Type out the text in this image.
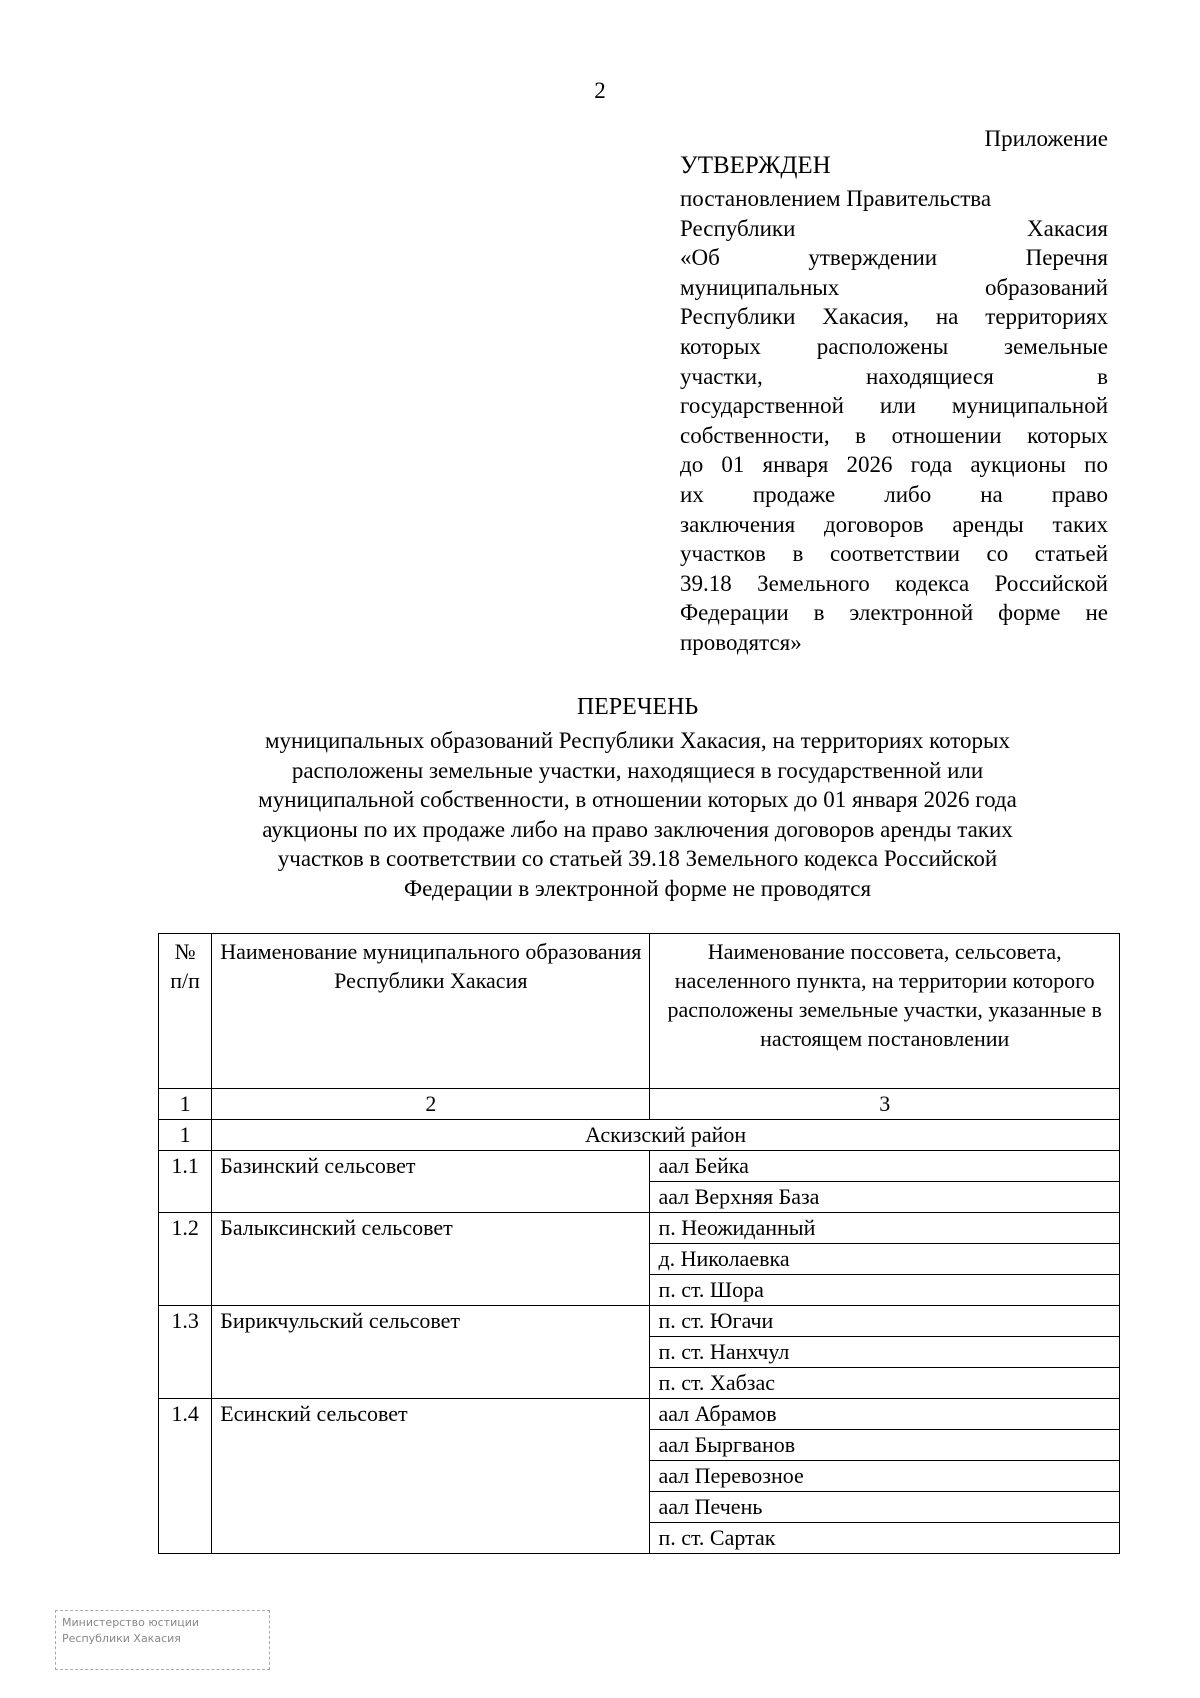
2
Приложение
УТВЕРЖДЕН
постановлением Правительства
Республики Хакасия
«Об утверждении Перечня
муниципальных образований
Республики Хакасия, на территориях
которых расположены земельные
участки, находящиеся в
государственной или муниципальной
собственности, в отношении которых
до 01 января 2026 года аукционы по
их продаже либо на право
заключения договоров аренды таких
участков в соответствии со статьей
39.18 Земельного кодекса Российской
Федерации в электронной форме не
проводятся»
ПЕРЕЧЕНЬ
муниципальных образований Республики Хакасия, на территориях которых
расположены земельные участки, находящиеся в государственной или
муниципальной собственности, в отношении которых до 01 января 2026 года
аукционы по их продаже либо на право заключения договоров аренды таких
участков в соответствии со статьей 39.18 Земельного кодекса Российской
Федерации в электронной форме не проводятся
№ п/п	Наименование муниципального образования Республики Хакасия	Наименование поссовета, сельсовета, населенного пункта, на территории которого расположены земельные участки, указанные в настоящем постановлении
1	2	3
1	Аскизский район	
1.1	Базинский сельсовет	аал Бейка
		аал Верхняя База
1.2	Балыксинский сельсовет	п. Неожиданный
		д. Николаевка
		п. ст. Шора
1.3	Бирикчульский сельсовет	п. ст. Югачи
		п. ст. Нанхчул
		п. ст. Хабзас
1.4	Есинский сельсовет	аал Абрамов
		аал Быргванов
		аал Перевозное
		аал Печень
		п. ст. Сартак
Министерство юстиции
Республики Хакасия
